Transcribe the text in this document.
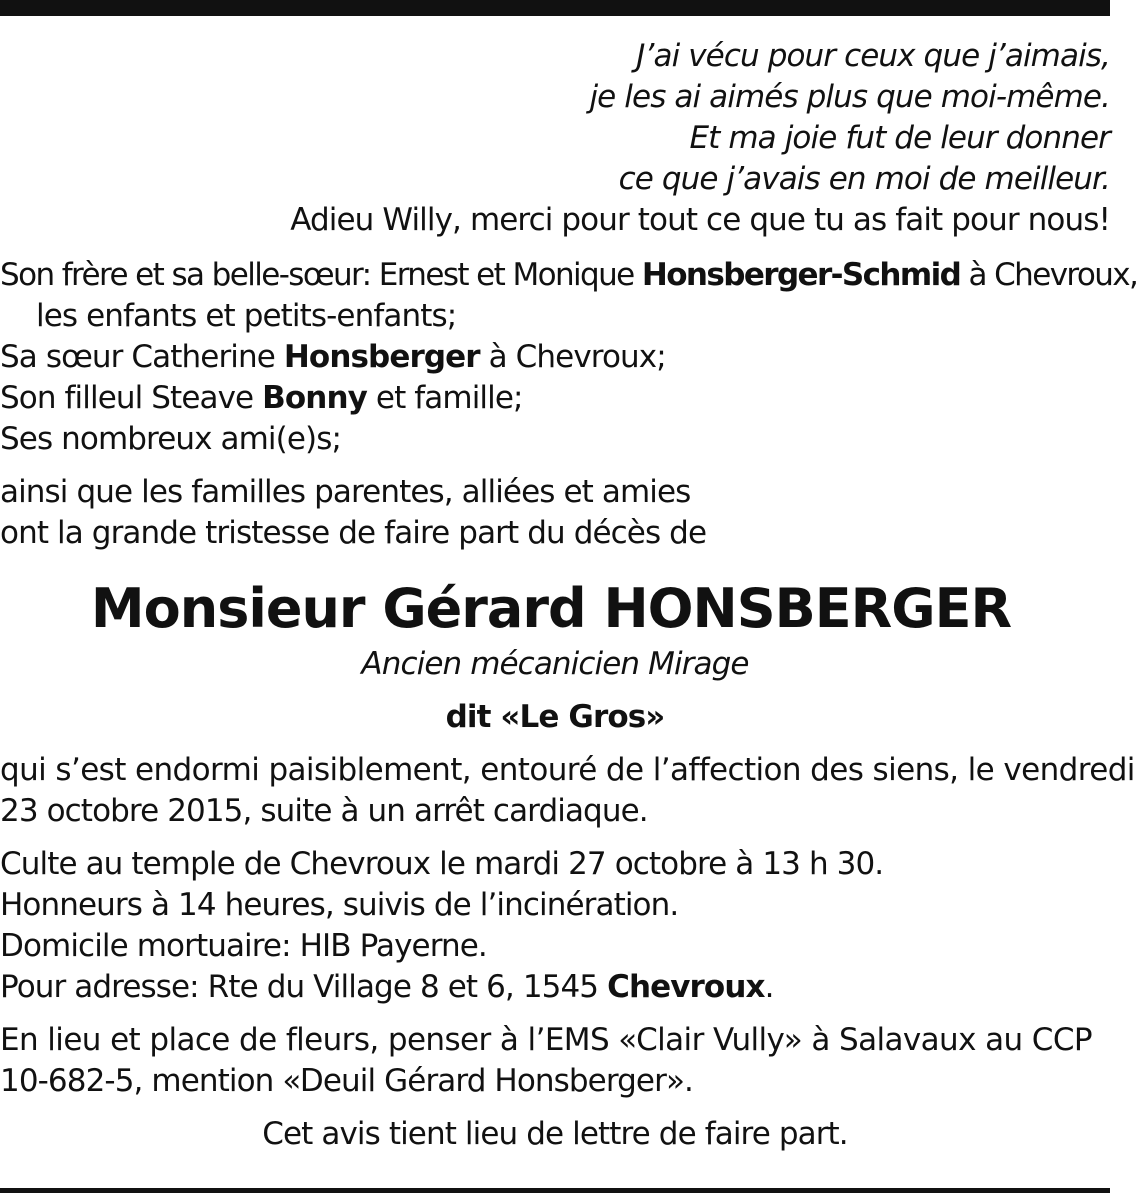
J’ai vécu pour ceux que j’aimais,
je les ai aimés plus que moi-même.
Et ma joie fut de leur donner
ce que j’avais en moi de meilleur.
Adieu Willy, merci pour tout ce que tu as fait pour nous!
Son frère et sa belle-sœur: Ernest et Monique Honsberger-Schmid à Chevroux,
les enfants et petits-enfants;
Sa sœur Catherine Honsberger à Chevroux;
Son filleul Steave Bonny et famille;
Ses nombreux ami(e)s;
ainsi que les familles parentes, alliées et amies
ont la grande tristesse de faire part du décès de
Monsieur Gérard HONSBERGER
Ancien mécanicien Mirage
dit «Le Gros»
qui s’est endormi paisiblement, entouré de l’affection des siens, le vendredi
23 octobre 2015, suite à un arrêt cardiaque.
Culte au temple de Chevroux le mardi 27 octobre à 13 h 30.
Honneurs à 14 heures, suivis de l’incinération.
Domicile mortuaire: HIB Payerne.
Pour adresse: Rte du Village 8 et 6, 1545 Chevroux.
En lieu et place de fleurs, penser à l’EMS «Clair Vully» à Salavaux au CCP
10-682-5, mention «Deuil Gérard Honsberger».
Cet avis tient lieu de lettre de faire part.
